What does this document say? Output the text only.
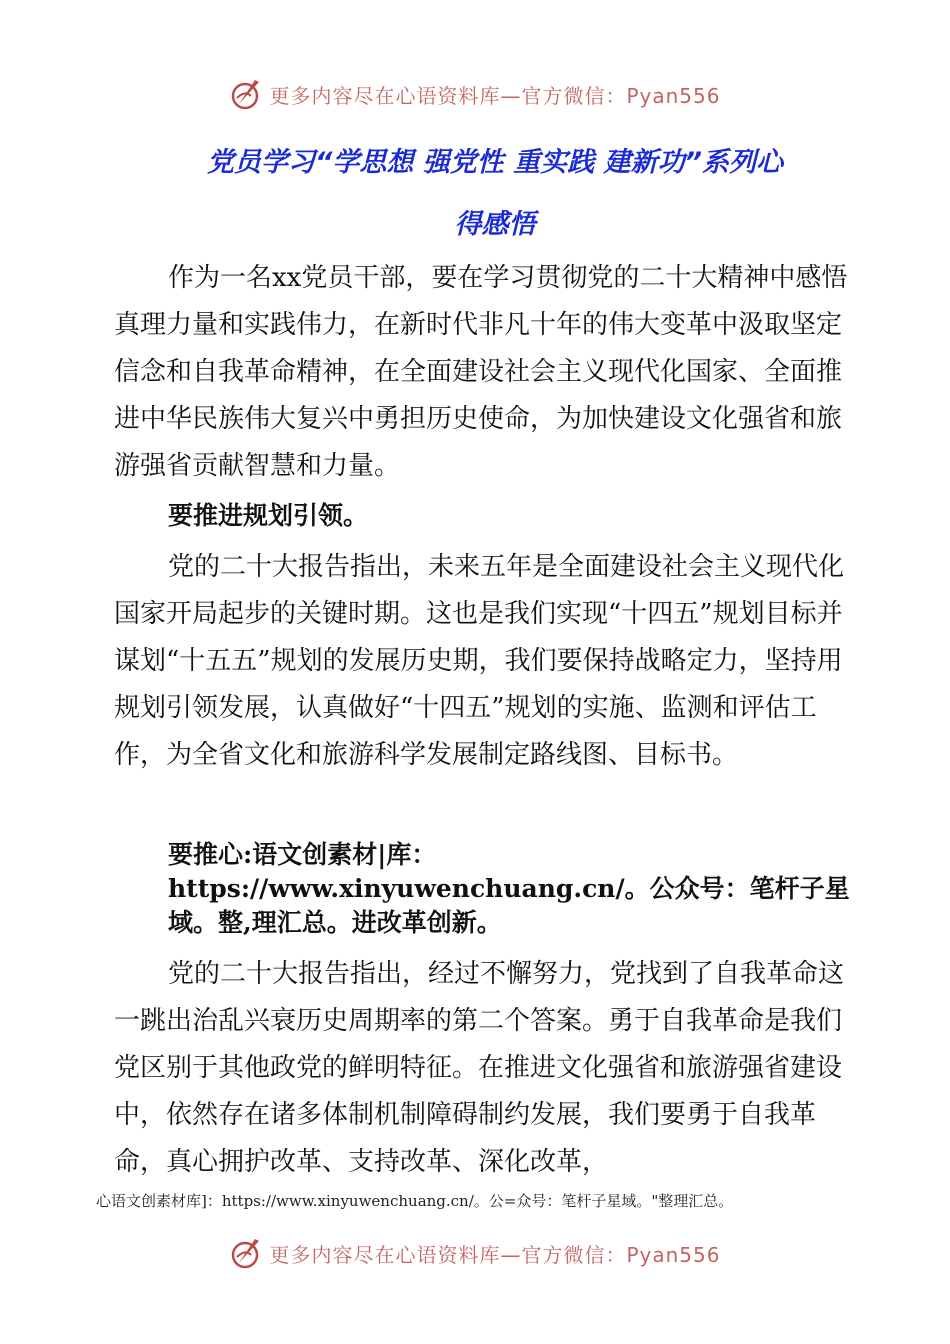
更多内容尽在心语资料库—官方微信：Pyan556
党员学习“学思想 强党性 重实践 建新功”系列心
得感悟

作为一名xx党员干部，要在学习贯彻党的二十大精神中感悟真理力量和实践伟力，在新时代非凡十年的伟大变革中汲取坚定信念和自我革命精神，在全面建设社会主义现代化国家、全面推进中华民族伟大复兴中勇担历史使命，为加快建设文化强省和旅游强省贡献智慧和力量。

要推进规划引领。

党的二十大报告指出，未来五年是全面建设社会主义现代化国家开局起步的关键时期。这也是我们实现“十四五”规划目标并谋划“十五五”规划的发展历史期，我们要保持战略定力，坚持用规划引领发展，认真做好“十四五”规划的实施、监测和评估工作，为全省文化和旅游科学发展制定路线图、目标书。

要推心:语文创素材|库：https://www.xinyuwenchuang.cn/。公众号：笔杆子星域。整,理汇总。进改革创新。

党的二十大报告指出，经过不懈努力，党找到了自我革命这一跳出治乱兴衰历史周期率的第二个答案。勇于自我革命是我们党区别于其他政党的鲜明特征。在推进文化强省和旅游强省建设中，依然存在诸多体制机制障碍制约发展，我们要勇于自我革命，真心拥护改革、支持改革、深化改革，

心语文创素材库]：https://www.xinyuwenchuang.cn/。公=众号：笔杆子星域。"整理汇总。

更多内容尽在心语资料库—官方微信：Pyan556
